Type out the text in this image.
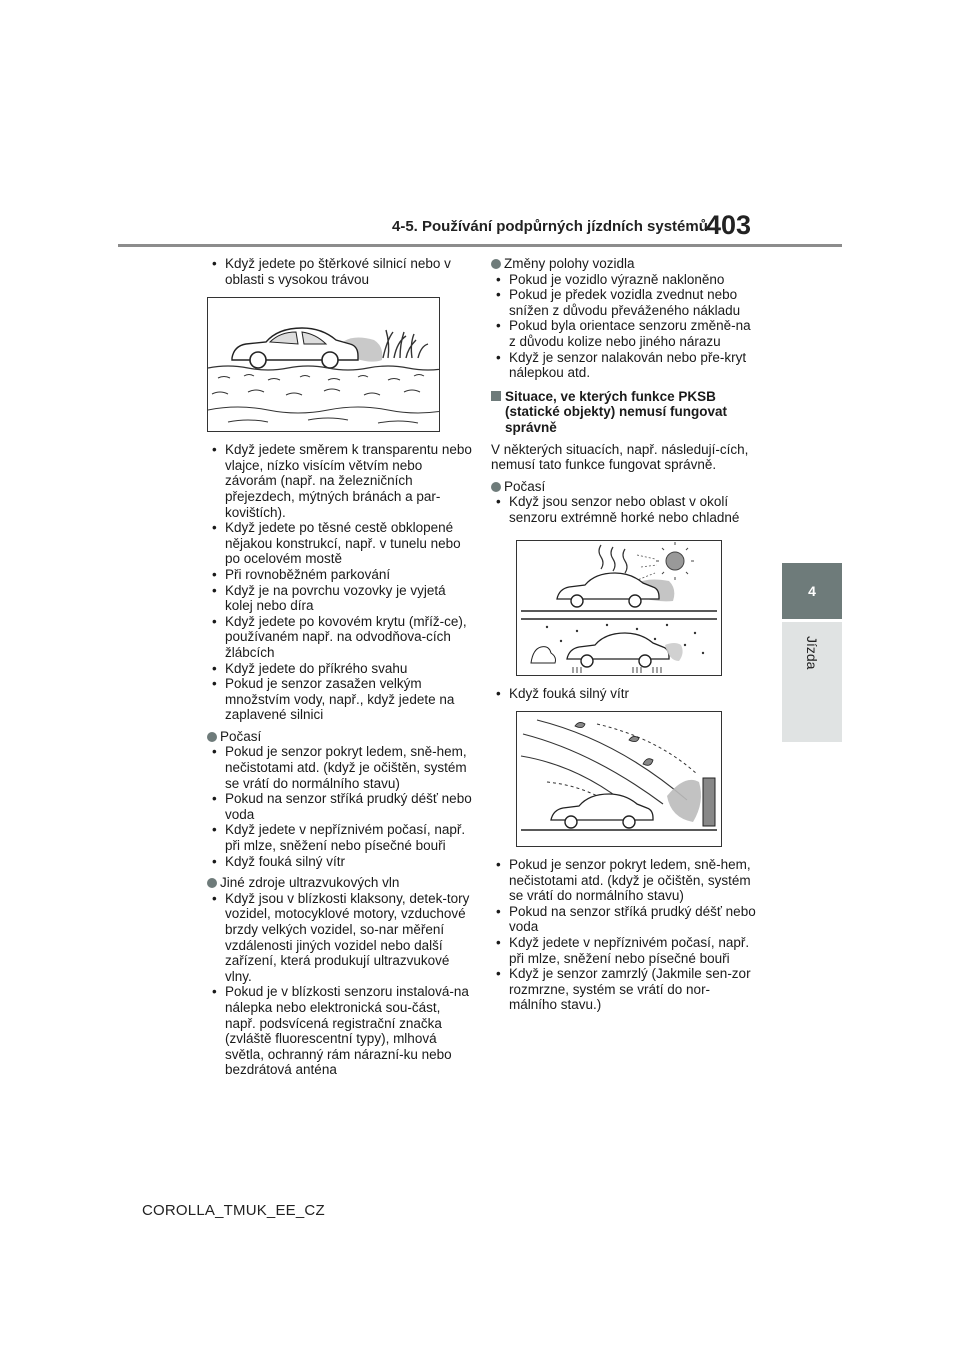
4-5. Používání podpůrných jízdních systémů
403
4
Jízda
• Když jedete po štěrkové silnicí nebo v oblasti s vysokou trávou
• Když jedete směrem k transparentu nebo vlajce, nízko visícím větvím nebo závorám (např. na železničních přejezdech, mýtných bránách a par-kovištích).
• Když jedete po těsné cestě obklopené nějakou konstrukcí, např. v tunelu nebo po ocelovém mostě
• Při rovnoběžném parkování
• Když je na povrchu vozovky je vyjetá kolej nebo díra
• Když jedete po kovovém krytu (mříž-ce), používaném např. na odvodňova-cích žlábcích
• Když jedete do příkrého svahu
• Pokud je senzor zasažen velkým množstvím vody, např., když jedete na zaplavené silnici
Počasí
• Pokud je senzor pokryt ledem, sně-hem, nečistotami atd. (když je očištěn, systém se vrátí do normálního stavu)
• Pokud na senzor stříká prudký déšť nebo voda
• Když jedete v nepříznivém počasí, např. při mlze, sněžení nebo písečné bouři
• Když fouká silný vítr
Jiné zdroje ultrazvukových vln
• Když jsou v blízkosti klaksony, detek-tory vozidel, motocyklové motory, vzduchové brzdy velkých vozidel, so-nar měření vzdálenosti jiných vozidel nebo další zařízení, která produkují ultrazvukové vlny.
• Pokud je v blízkosti senzoru instalová-na nálepka nebo elektronická sou-část, např. podsvícená registrační značka (zvláště fluorescentní typy), mlhová světla, ochranný rám nárazní-ku nebo bezdrátová anténa
Změny polohy vozidla
• Pokud je vozidlo výrazně nakloněno
• Pokud je předek vozidla zvednut nebo snížen z důvodu převáženého nákladu
• Pokud byla orientace senzoru změně-na z důvodu kolize nebo jiného nárazu
• Když je senzor nalakován nebo pře-kryt nálepkou atd.
Situace, ve kterých funkce PKSB (statické objekty) nemusí fungovat správně
V některých situacích, např. následují-cích, nemusí tato funkce fungovat správně.
Počasí
• Když jsou senzor nebo oblast v okolí senzoru extrémně horké nebo chladné
• Když fouká silný vítr
• Pokud je senzor pokryt ledem, sně-hem, nečistotami atd. (když je očištěn, systém se vrátí do normálního stavu)
• Pokud na senzor stříká prudký déšť nebo voda
• Když jedete v nepříznivém počasí, např. při mlze, sněžení nebo písečné bouři
• Když je senzor zamrzlý (Jakmile sen-zor rozmrzne, systém se vrátí do nor-málního stavu.)
COROLLA_TMUK_EE_CZ
